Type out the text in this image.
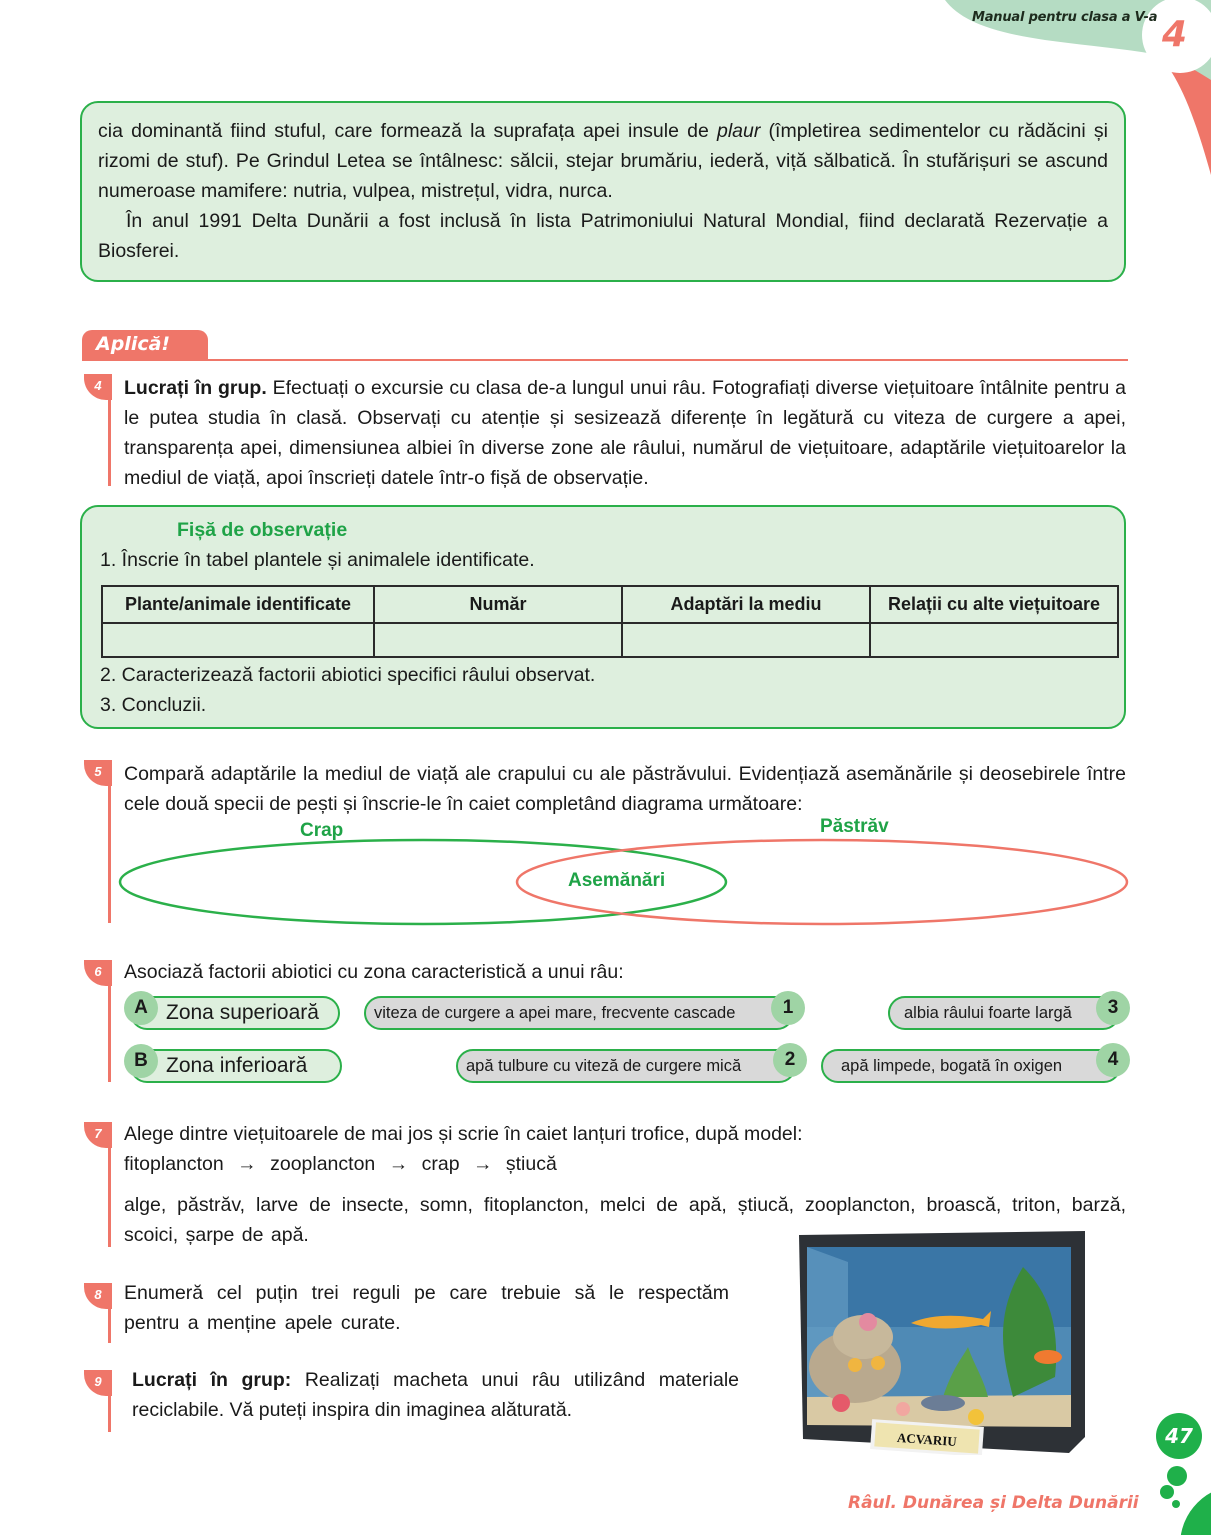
Manual pentru clasa a V-a 4

cia dominantă fiind stuful, care formează la suprafața apei insule de plaur (împletirea sedimentelor cu rădăcini și rizomi de stuf). Pe Grindul Letea se întâlnesc: sălcii, stejar brumăriu, iederă, viță sălbatică. În stufărișuri se ascund numeroase mamifere: nutria, vulpea, mistrețul, vidra, nurca.

În anul 1991 Delta Dunării a fost inclusă în lista Patrimoniului Natural Mondial, fiind declarată Rezervație a Biosferei.

Aplică!
4	Lucrați în grup. Efectuați o excursie cu clasa de-a lungul unui râu. Fotografiați diverse viețuitoare întâlnite pentru a le putea studia în clasă. Observați cu atenție și sesizează diferențe în legătură cu viteza de curgere a apei, transparența apei, dimensiunea albiei în diverse zone ale râului, numărul de viețuitoare, adaptările viețuitoarelor la mediul de viață, apoi înscrieți datele într-o fișă de observație.
Fișă de observație
1. Înscrie în tabel plantele și animalele identificate.
Plante/animale identificate	Număr	Adaptări la mediu	Relații cu alte viețuitoare

2. Caracterizează factorii abiotici specifici râului observat.
3. Concluzii.
5	Compară adaptările la mediul de viață ale crapului cu ale păstrăvului. Evidențiază asemănările și deosebirele între cele două specii de pești și înscrie-le în caiet completând diagrama următoare:
Crap	Păstrăv
Asemănări
6	Asociază factorii abiotici cu zona caracteristică a unui râu:
Zona superioară
A
Zona inferioară
B
viteza de curgere a apei mare, frecvente cascade	1
apă tulbure cu viteză de curgere mică	2
albia râului foarte largă	3
apă limpede, bogată în oxigen	4
7	Alege dintre viețuitoarele de mai jos și scrie în caiet lanțuri trofice, după model:
fitoplancton → zooplancton → crap → știucă
alge, păstrăv, larve de insecte, somn, fitoplancton, melci de apă, știucă, zooplancton, broască, triton, barză, scoici, șarpe de apă.
8	Enumeră cel puțin trei reguli pe care trebuie să le respectăm pentru a menține apele curate.
9	Lucrați în grup: Realizați macheta unui râu utilizând materiale reciclabile. Vă puteți inspira din imaginea alăturată.
ACVARIU	47
Râul. Dunărea și Delta Dunării
